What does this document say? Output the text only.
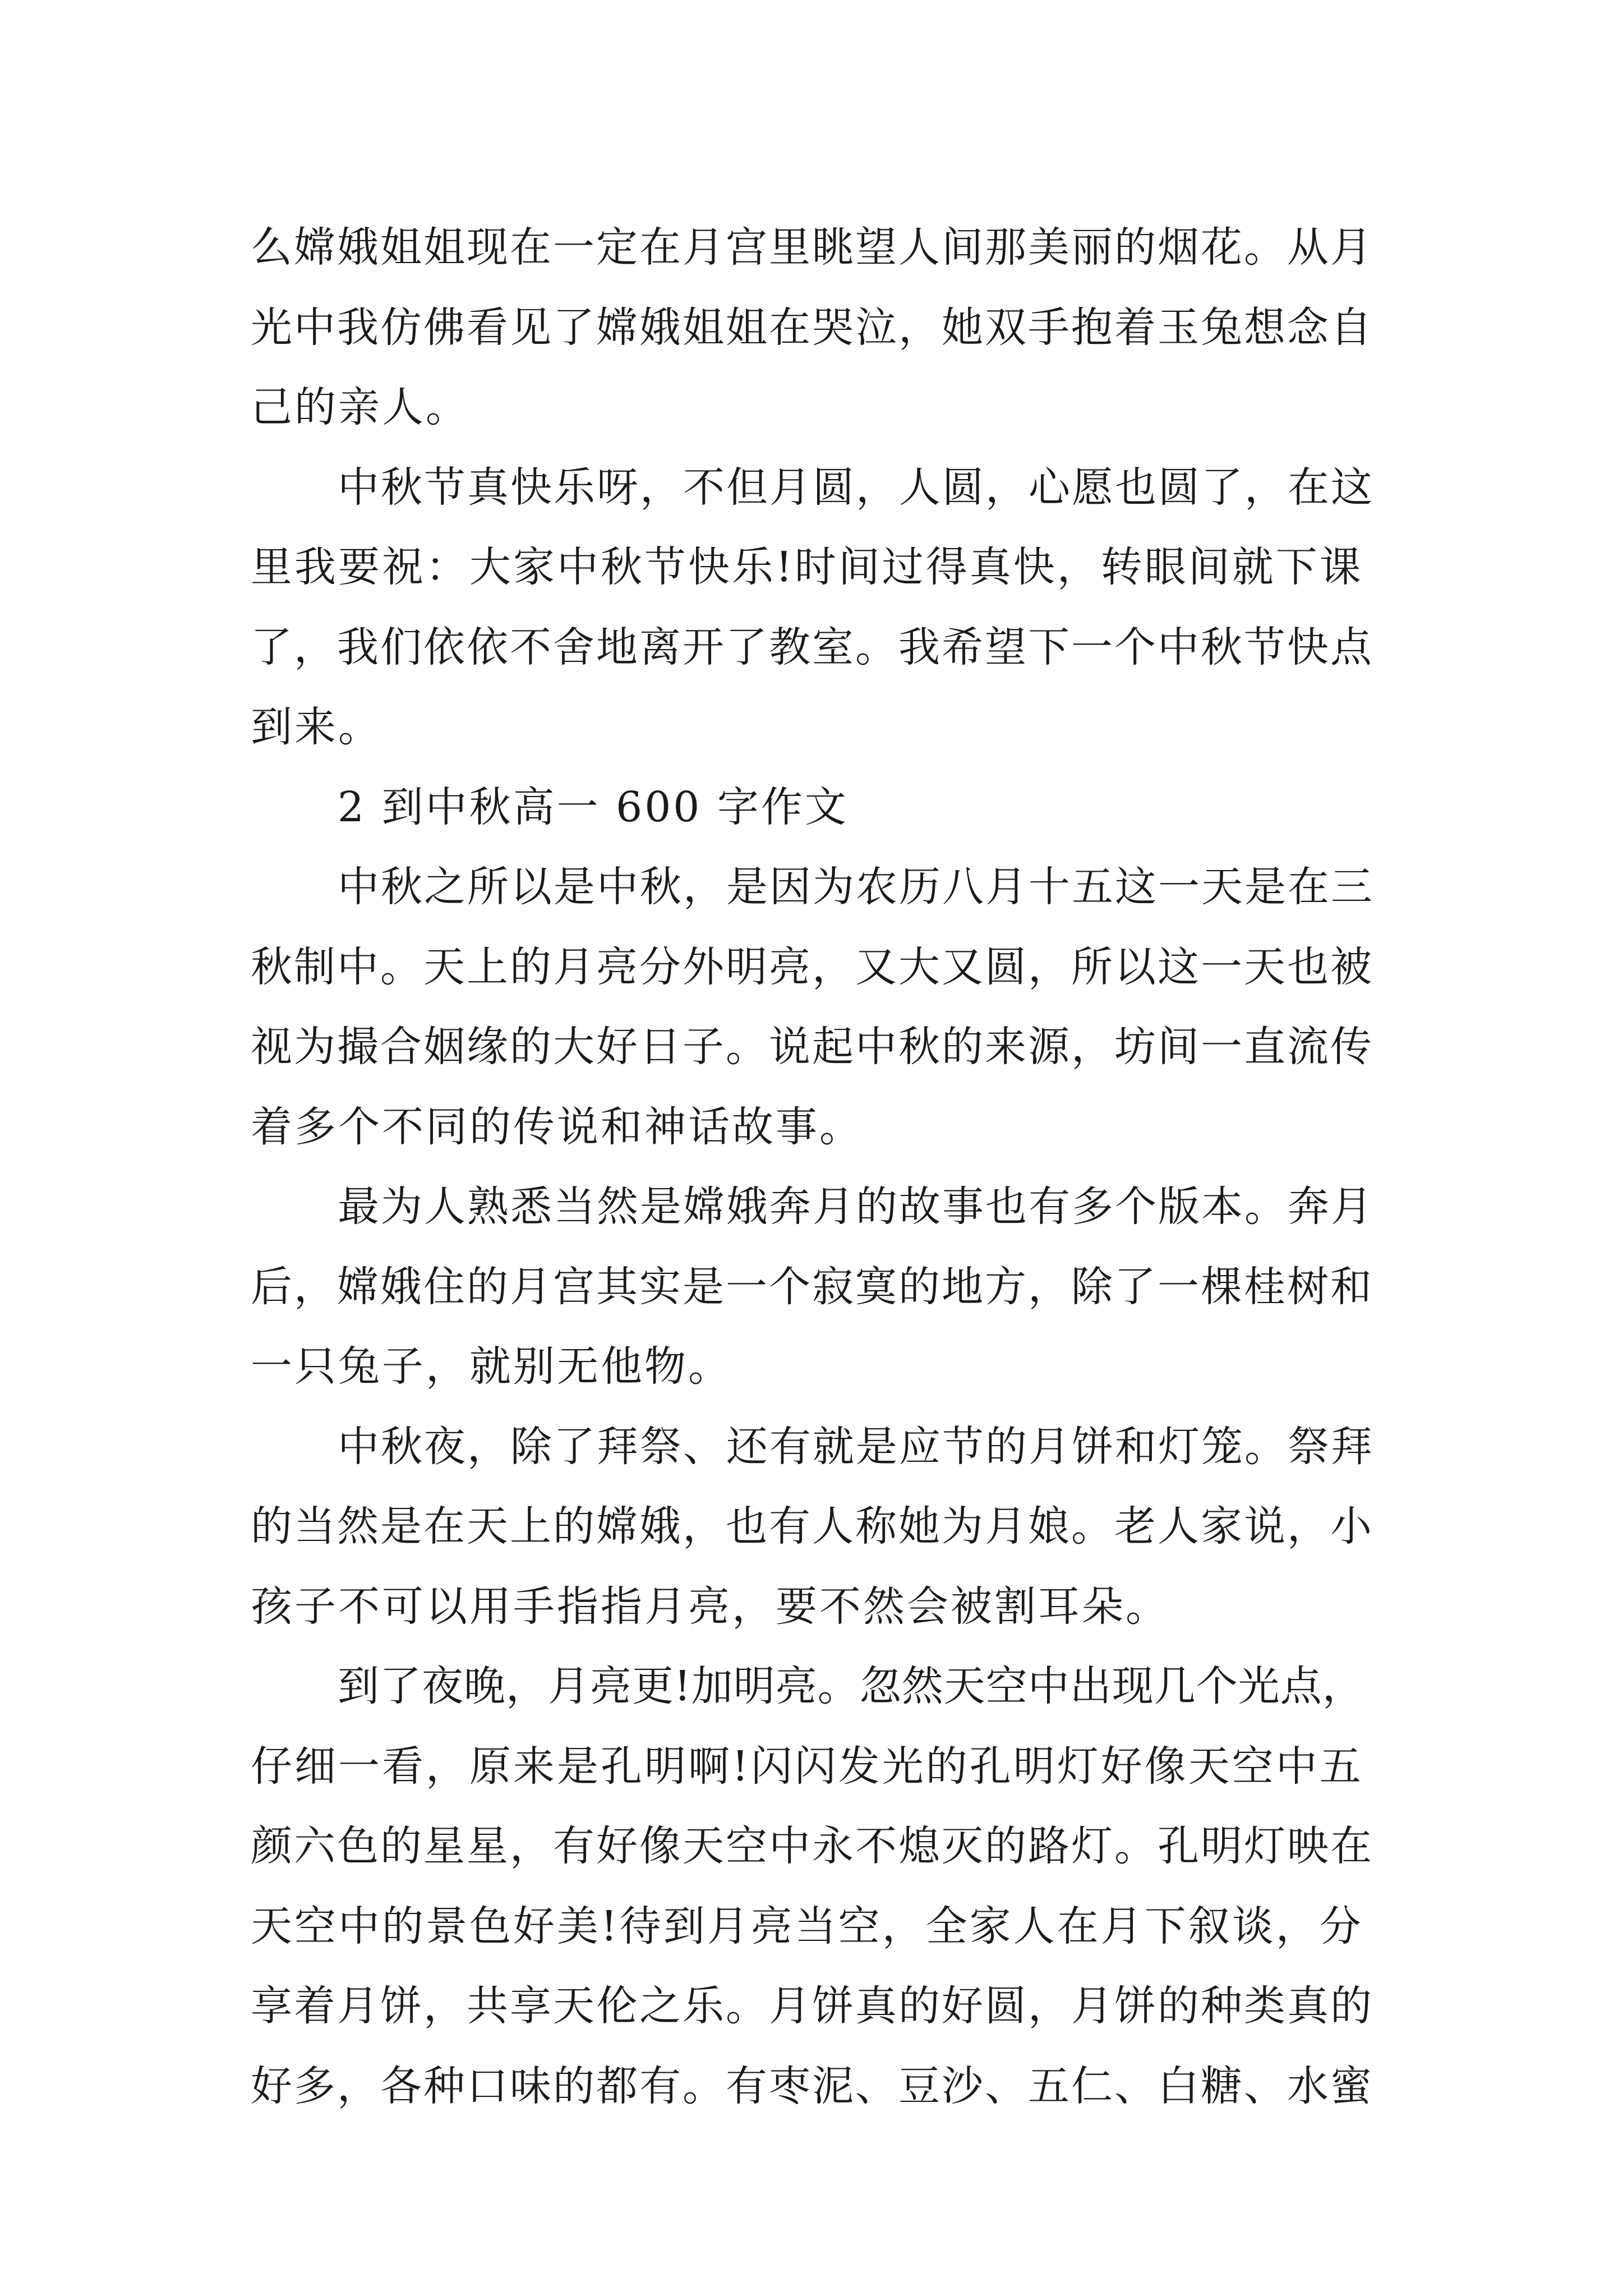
么嫦娥姐姐现在一定在月宫里眺望人间那美丽的烟花。从月
光中我仿佛看见了嫦娥姐姐在哭泣，她双手抱着玉兔想念自
己的亲人。
中秋节真快乐呀，不但月圆，人圆，心愿也圆了，在这
里我要祝：大家中秋节快乐!时间过得真快，转眼间就下课
了，我们依依不舍地离开了教室。我希望下一个中秋节快点
到来。
2 到中秋高一 600 字作文
中秋之所以是中秋，是因为农历八月十五这一天是在三
秋制中。天上的月亮分外明亮，又大又圆，所以这一天也被
视为撮合姻缘的大好日子。说起中秋的来源，坊间一直流传
着多个不同的传说和神话故事。
最为人熟悉当然是嫦娥奔月的故事也有多个版本。奔月
后，嫦娥住的月宫其实是一个寂寞的地方，除了一棵桂树和
一只兔子，就别无他物。
中秋夜，除了拜祭、还有就是应节的月饼和灯笼。祭拜
的当然是在天上的嫦娥，也有人称她为月娘。老人家说，小
孩子不可以用手指指月亮，要不然会被割耳朵。
到了夜晚，月亮更!加明亮。忽然天空中出现几个光点，
仔细一看，原来是孔明啊!闪闪发光的孔明灯好像天空中五
颜六色的星星，有好像天空中永不熄灭的路灯。孔明灯映在
天空中的景色好美!待到月亮当空，全家人在月下叙谈，分
享着月饼，共享天伦之乐。月饼真的好圆，月饼的种类真的
好多，各种口味的都有。有枣泥、豆沙、五仁、白糖、水蜜
